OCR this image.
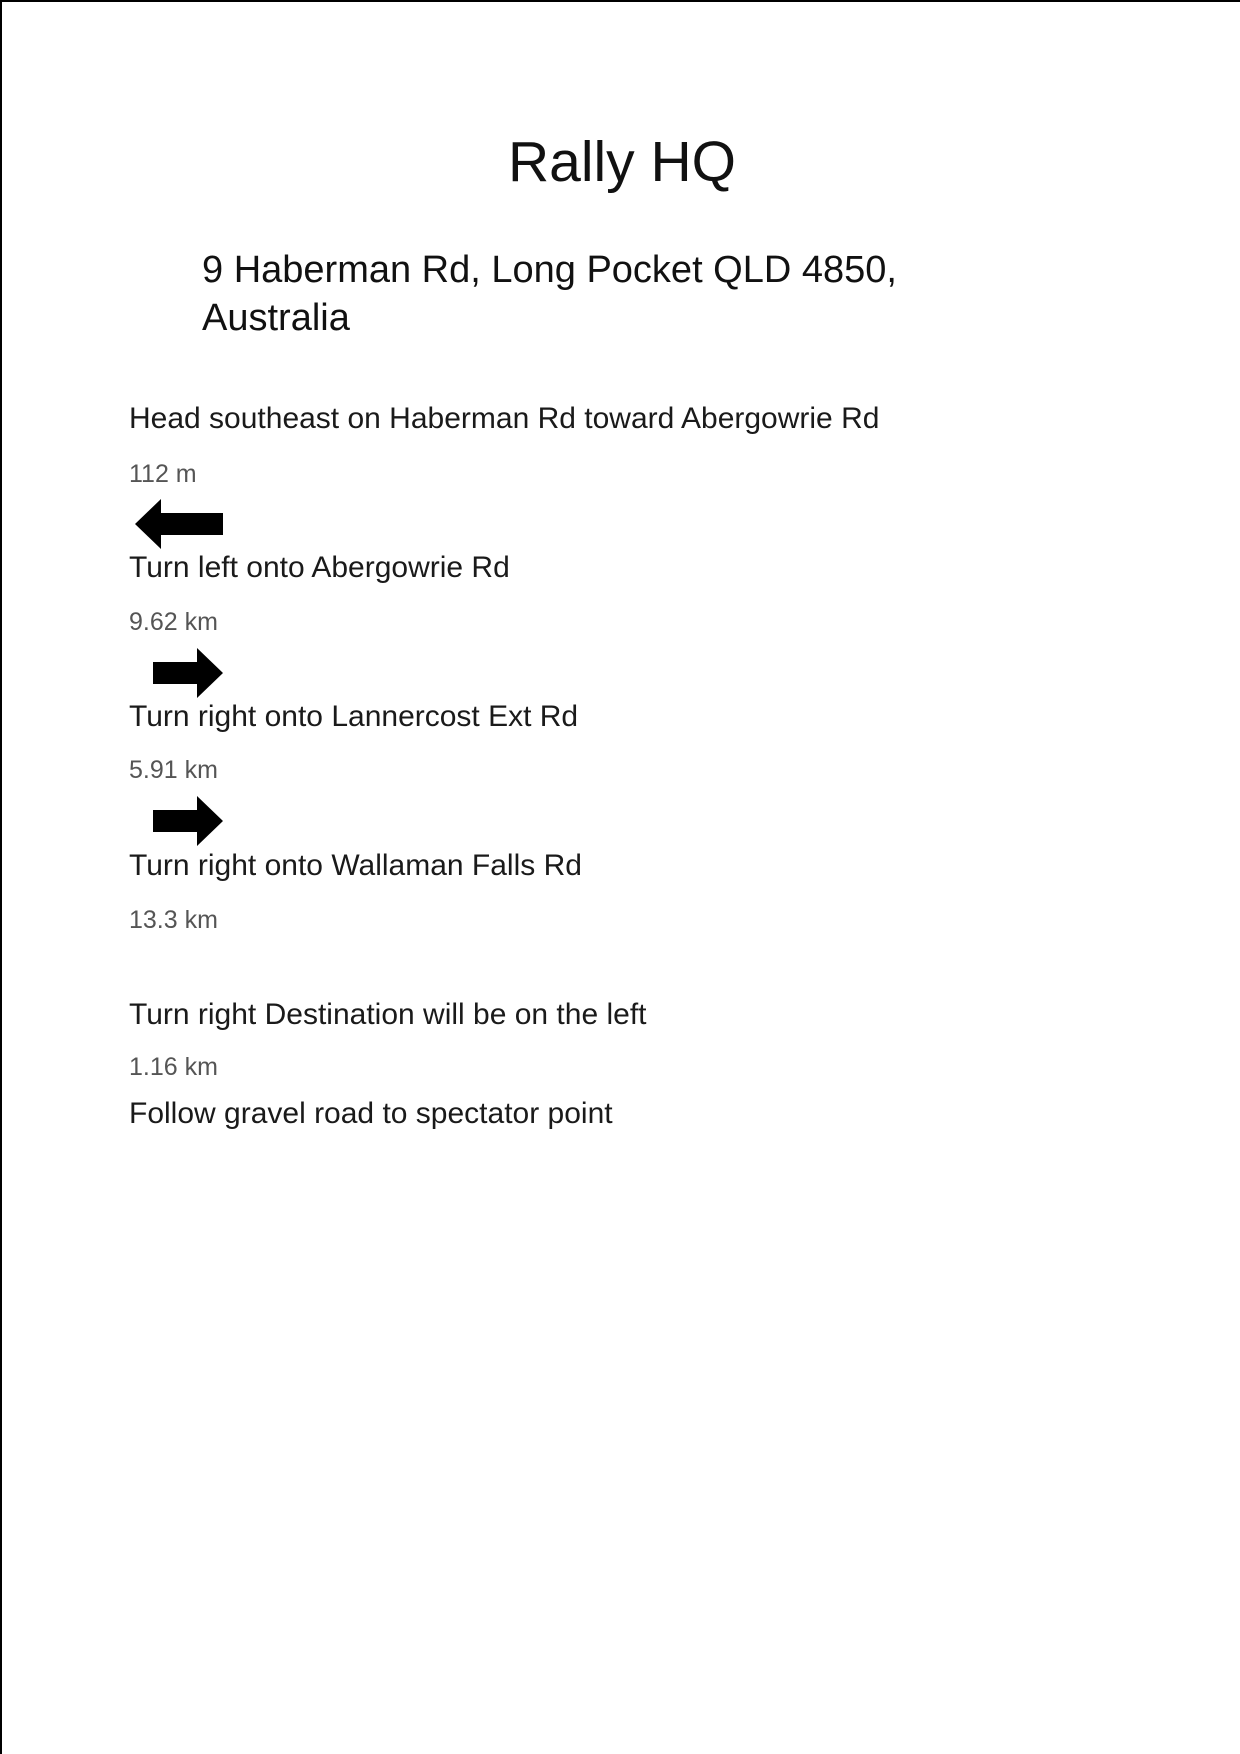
Rally HQ
9 Haberman Rd, Long Pocket QLD 4850, Australia
Head southeast on Haberman Rd toward Abergowrie Rd
112 m
Turn left onto Abergowrie Rd
9.62 km
Turn right onto Lannercost Ext Rd
5.91 km
Turn right onto Wallaman Falls Rd
13.3 km
Turn right Destination will be on the left
1.16 km
Follow gravel road to spectator point
